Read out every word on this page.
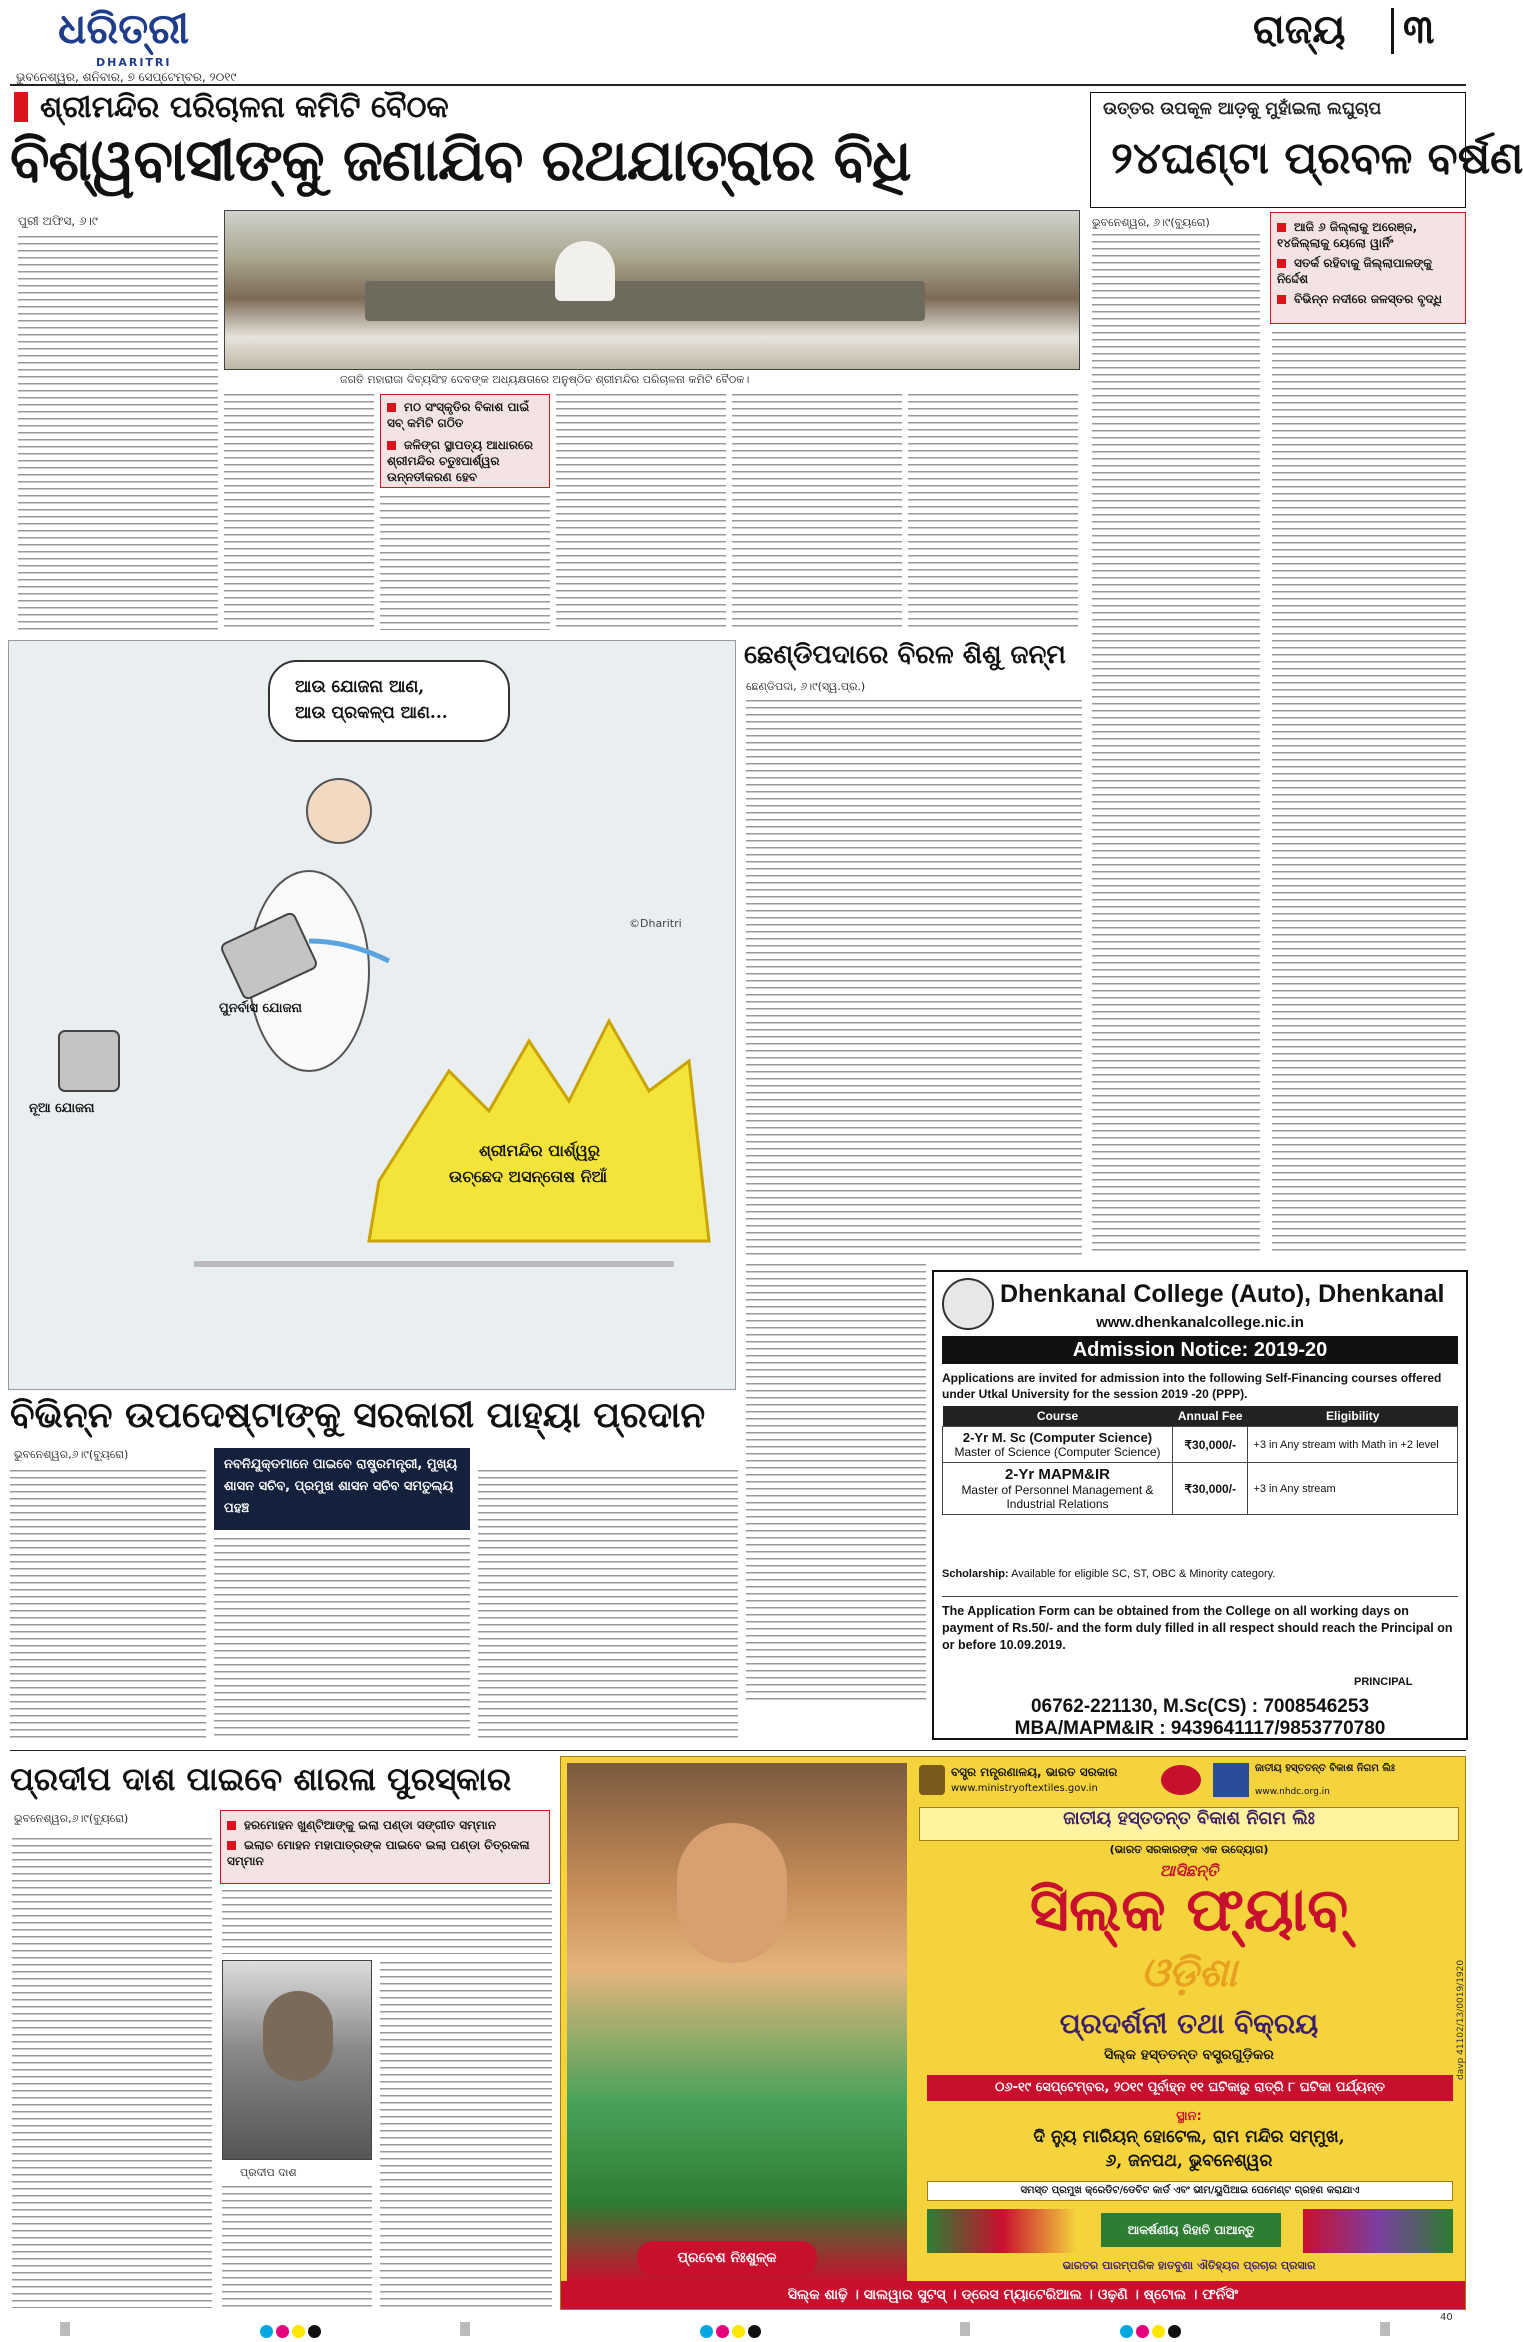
ଧରିତ୍ରୀ
DHARITRI
ଭୁବନେଶ୍ୱର, ଶନିବାର, ୭ ସେପ୍ଟେମ୍ବର, ୨୦୧୯
ରାଜ୍ୟ ୩
ଶ୍ରୀମନ୍ଦିର ପରିଚାଳନା କମିଟି ବୈଠକ
ବିଶ୍ୱବାସୀଙ୍କୁ ଜଣାଯିବ ରଥଯାତ୍ରାର ବିଧି
ପୁରୀ ଅଫିସ, ୬।୯
ଜଗତି ମହାରାଜା ଦିବ୍ୟସିଂହ ଦେବଙ୍କ ଅଧ୍ୟକ୍ଷତାରେ ଅନୁଷ୍ଠିତ ଶ୍ରୀମନ୍ଦିର ପରିଚାଳନା କମିଟି ବୈଠକ।
ମଠ ସଂସ୍କୃତିର ବିକାଶ ପାଇଁ ସବ୍ କମିଟି ଗଠିତ
ଜଳିଙ୍ଗ ସ୍ଥାପତ୍ୟ ଆଧାରରେ ଶ୍ରୀମନ୍ଦିର ଚତୁଃପାର୍ଶ୍ୱର ଉନ୍ନତୀକରଣ ହେବ
ଉତ୍ତର ଉପକୂଳ ଆଡ଼କୁ ମୁହାଁଇଲା ଲଘୁଚାପ
୨୪ଘଣ୍ଟା ପ୍ରବଳ ବର୍ଷଣ
ଭୁବନେଶ୍ୱର, ୬।୯(ବ୍ୟୁରୋ)	ଆଜି ୬ ଜିଲ୍ଲାକୁ ଅରେଞ୍ଜ, ୧୪ଜିଲ୍ଲାକୁ ୟେଲୋ ୱାର୍ନିଂ
ସତର୍କ ରହିବାକୁ ଜିଲ୍ଲାପାଳଙ୍କୁ ନିର୍ଦ୍ଦେଶ
ବିଭିନ୍ନ ନଦୀରେ ଜଳସ୍ତର ବୃଦ୍ଧି
ଆଉ ଯୋଜନା ଆଣ,
ଆଉ ପ୍ରକଳ୍ପ ଆଣ...
ନୂଆ ଯୋଜନା
ପୁନର୍ବାସ ଯୋଜନା
ଶ୍ରୀମନ୍ଦିର ପାର୍ଶ୍ୱରୁ
ଉଚ୍ଛେଦ ଅସନ୍ତୋଷ ନିଆଁ
©Dharitri
ଛେଣ୍ଡିପଦାରେ ବିରଳ ଶିଶୁ ଜନ୍ମ
ଛେଣ୍ଡିପଦା, ୬।୯(ସ୍ୱ.ପ୍ର.)
ବିଭିନ୍ନ ଉପଦେଷ୍ଟାଙ୍କୁ ସରକାରୀ ପାହ୍ୟା ପ୍ରଦାନ
ଭୁବନେଶ୍ୱର,୬।୯(ବ୍ୟୁରୋ)
ନବନିଯୁକ୍ତମାନେ ପାଇବେ ରାଷ୍ଟ୍ରମନ୍ତ୍ରୀ, ମୁଖ୍ୟ ଶାସନ ସଚିବ, ପ୍ରମୁଖ ଶାସନ ସଚିବ ସମତୁଲ୍ୟ ପହଞ୍ଚ
Dhenkanal College (Auto), Dhenkanal
www.dhenkanalcollege.nic.in
Admission Notice: 2019-20
Applications are invited for admission into the following Self-Financing courses offered under Utkal University for the session 2019 -20 (PPP).
Course	Annual Fee	Eligibility

2-Yr M. Sc (Computer Science)
Master of Science (Computer Science)	₹30,000/-	+3 in Any stream with Math in +2 level

2-Yr MAPM&IR
Master of Personnel Management & Industrial Relations	₹30,000/-	+3 in Any stream
Scholarship: Available for eligible SC, ST, OBC & Minority category.
The Application Form can be obtained from the College on all working days on payment of Rs.50/- and the form duly filled in all respect should reach the Principal on or before 10.09.2019.
PRINCIPAL
06762-221130, M.Sc(CS) : 7008546253
MBA/MAPM&IR : 9439641117/9853770780
ପ୍ରଦୀପ ଦାଶ ପାଇବେ ଶାରଳା ପୁରସ୍କାର
ଭୁବନେଶ୍ୱର,୬।୯(ବ୍ୟୁରୋ)	ହରମୋହନ ଖୁଣ୍ଟିଆଙ୍କୁ ଇଲା ପଣ୍ଡା ସଙ୍ଗୀତ ସମ୍ମାନ
ଇଲାଚ ମୋହନ ମହାପାତ୍ରଙ୍କ ପାଇବେ ଇଲା ପଣ୍ଡା ଚିତ୍ରକଳା ସମ୍ମାନ
ପ୍ରଦୀପ ଦାଶ
ପ୍ରବେଶ ନିଃଶୁଳ୍କ
ବସ୍ତ୍ର ମନ୍ତ୍ରଣାଳୟ, ଭାରତ ସରକାର
www.ministryoftextiles.gov.in
ଜାତୀୟ ହସ୍ତତନ୍ତ ବିକାଶ ନିଗମ ଲିଃ
www.nhdc.org.in
ଜାତୀୟ ହସ୍ତତନ୍ତ ବିକାଶ ନିଗମ ଲିଃ
(ଭାରତ ସରକାରଙ୍କ ଏକ ଉଦ୍ୟୋଗ)
ଆସିଛନ୍ତି
ସିଲ୍କ ଫ୍ୟାବ୍
ଓଡ଼ିଶା
ପ୍ରଦର୍ଶନୀ ତଥା ବିକ୍ରୟ
ସିଲ୍କ ହସ୍ତତନ୍ତ ବସ୍ତ୍ରଗୁଡ଼ିକର
୦୬-୧୯ ସେପ୍ଟେମ୍ବର, ୨୦୧୯ ପୂର୍ବାହ୍ନ ୧୧ ଘଟିକାରୁ ରାତ୍ରି ୮ ଘଟିକା ପର୍ଯ୍ୟନ୍ତ
ସ୍ଥାନ:
ଦି ନ୍ୟୁ ମାରିୟନ୍ ହୋଟେଲ, ରାମ ମନ୍ଦିର ସମ୍ମୁଖ,
୬, ଜନପଥ, ଭୁବନେଶ୍ୱର
ସମସ୍ତ ପ୍ରମୁଖ କ୍ରେଡିଟ/ଡେବିଟ କାର୍ଡ ଏବଂ ଭୀମ/ୟୁପିଆଇ ପେମେଣ୍ଟ ଗ୍ରହଣ କରାଯାଏ
ଆକର୍ଷଣୀୟ ରିହାତି ପାଆନ୍ତୁ
ଭାରତର ପାରମ୍ପରିକ ହାତବୁଣା ଐତିହ୍ୟର ପ୍ରଚାର ପ୍ରସାର
ସିଲ୍କ ଶାଢ଼ି । ସାଲୱାର ସୁଟସ୍ । ଡ୍ରେସ ମ୍ୟାଟେରିଆଲ । ଓଢ଼ଣି । ଷ୍ଟୋଲ । ଫର୍ନିସିଂ
davp 41102/13/0019/1920
40
